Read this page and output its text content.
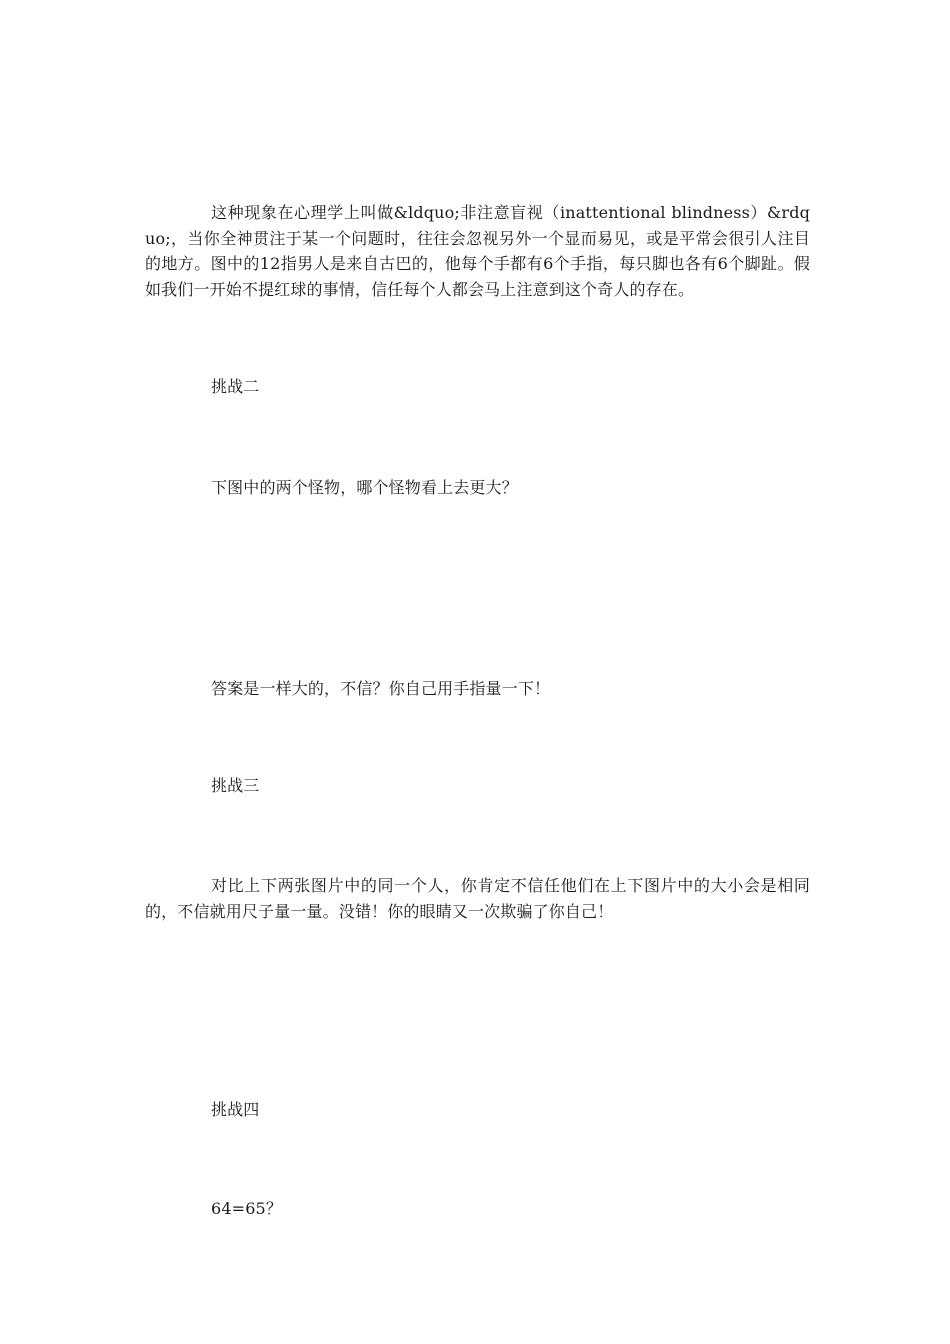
这种现象在心理学上叫做&ldquo;非注意盲视（inattentional blindness）&rdquo;，当你全神贯注于某一个问题时，往往会忽视另外一个显而易见，或是平常会很引人注目的地方。图中的12指男人是来自古巴的，他每个手都有6个手指，每只脚也各有6个脚趾。假如我们一开始不提红球的事情，信任每个人都会马上注意到这个奇人的存在。

挑战二

下图中的两个怪物，哪个怪物看上去更大？

答案是一样大的，不信？你自己用手指量一下！

挑战三

对比上下两张图片中的同一个人，你肯定不信任他们在上下图片中的大小会是相同的，不信就用尺子量一量。没错！你的眼睛又一次欺骗了你自己！

挑战四

64=65？
